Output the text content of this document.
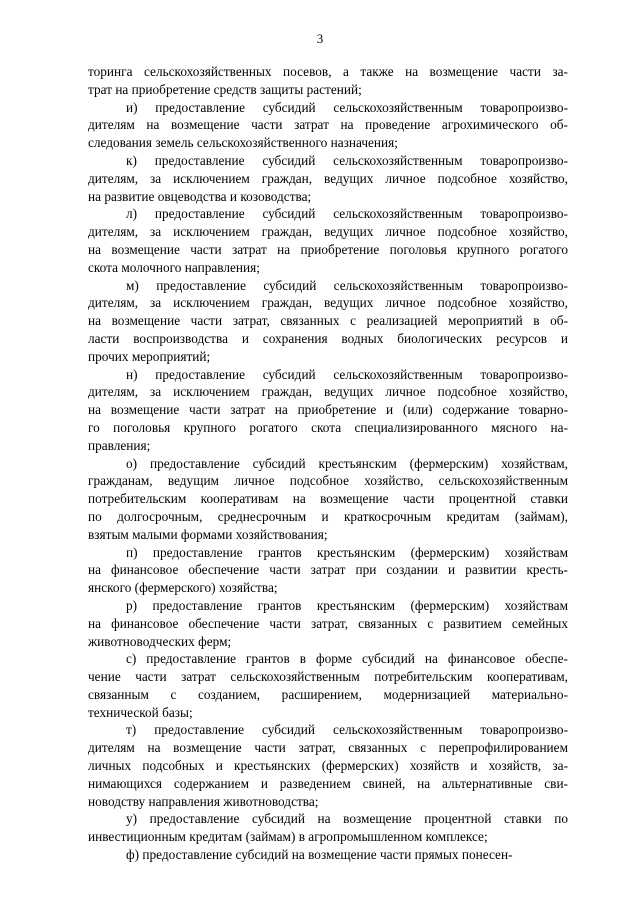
3
торинга сельскохозяйственных посевов, а также на возмещение части за-
трат на приобретение средств защиты растений;
и) предоставление субсидий сельскохозяйственным товаропроизво-
дителям на возмещение части затрат на проведение агрохимического об-
следования земель сельскохозяйственного назначения;
к) предоставление субсидий сельскохозяйственным товаропроизво-
дителям, за исключением граждан, ведущих личное подсобное хозяйство,
на развитие овцеводства и козоводства;
л) предоставление субсидий сельскохозяйственным товаропроизво-
дителям, за исключением граждан, ведущих личное подсобное хозяйство,
на возмещение части затрат на приобретение поголовья крупного рогатого
скота молочного направления;
м) предоставление субсидий сельскохозяйственным товаропроизво-
дителям, за исключением граждан, ведущих личное подсобное хозяйство,
на возмещение части затрат, связанных с реализацией мероприятий в об-
ласти воспроизводства и сохранения водных биологических ресурсов и
прочих мероприятий;
н) предоставление субсидий сельскохозяйственным товаропроизво-
дителям, за исключением граждан, ведущих личное подсобное хозяйство,
на возмещение части затрат на приобретение и (или) содержание товарно-
го поголовья крупного рогатого скота специализированного мясного на-
правления;
о) предоставление субсидий крестьянским (фермерским) хозяйствам,
гражданам, ведущим личное подсобное хозяйство, сельскохозяйственным
потребительским кооперативам на возмещение части процентной ставки
по долгосрочным, среднесрочным и краткосрочным кредитам (займам),
взятым малыми формами хозяйствования;
п) предоставление грантов крестьянским (фермерским) хозяйствам
на финансовое обеспечение части затрат при создании и развитии кресть-
янского (фермерского) хозяйства;
р) предоставление грантов крестьянским (фермерским) хозяйствам
на финансовое обеспечение части затрат, связанных с развитием семейных
животноводческих ферм;
с) предоставление грантов в форме субсидий на финансовое обеспе-
чение части затрат сельскохозяйственным потребительским кооперативам,
связанным с созданием, расширением, модернизацией материально-
технической базы;
т) предоставление субсидий сельскохозяйственным товаропроизво-
дителям на возмещение части затрат, связанных с перепрофилированием
личных подсобных и крестьянских (фермерских) хозяйств и хозяйств, за-
нимающихся содержанием и разведением свиней, на альтернативные сви-
новодству направления животноводства;
у) предоставление субсидий на возмещение процентной ставки по
инвестиционным кредитам (займам) в агропромышленном комплексе;
ф) предоставление субсидий на возмещение части прямых понесен-
